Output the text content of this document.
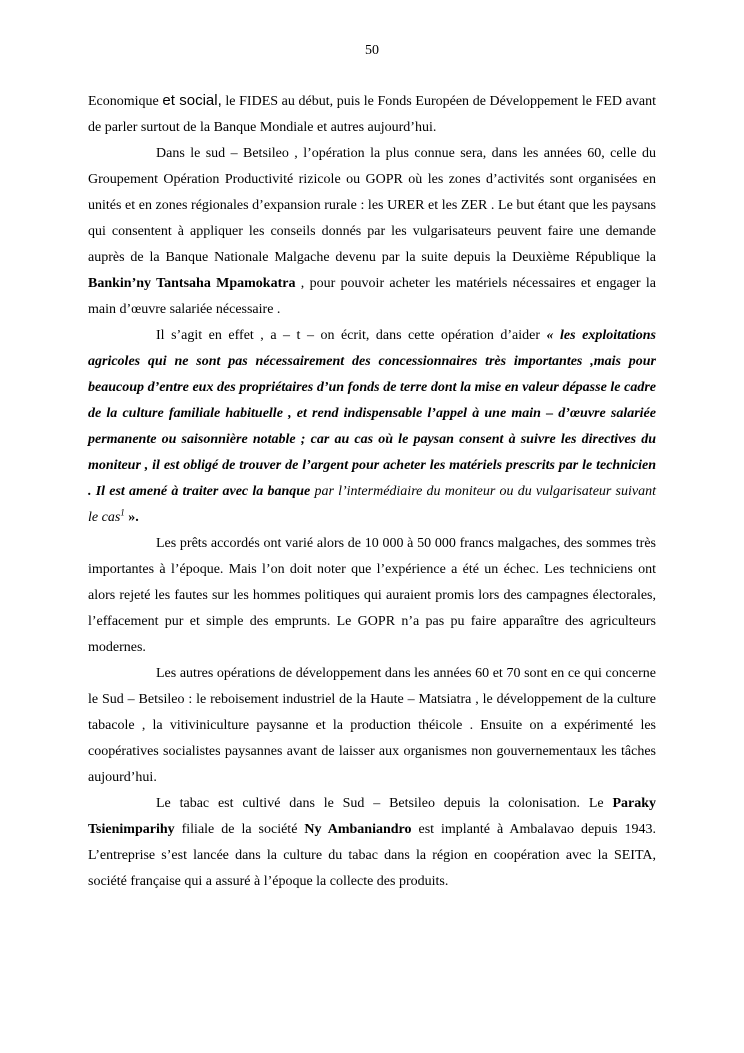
50

Economique et social, le FIDES au début, puis le Fonds Européen de Développement le FED avant de parler surtout de la Banque Mondiale et autres aujourd’hui.

Dans le sud – Betsileo , l’opération la plus connue sera, dans les années 60, celle du Groupement Opération Productivité rizicole ou GOPR où les zones d’activités sont organisées en unités et en zones régionales d’expansion rurale : les URER et les ZER . Le but étant que les paysans qui consentent à appliquer les conseils donnés par les vulgarisateurs peuvent faire une demande auprès de la Banque Nationale Malgache devenu par la suite depuis la Deuxième République la Bankin’ny Tantsaha Mpamokatra , pour pouvoir acheter les matériels nécessaires et engager la main d’œuvre salariée nécessaire .

Il s’agit en effet , a – t – on écrit, dans cette opération d’aider « les exploitations agricoles qui ne sont pas nécessairement des concessionnaires très importantes ,mais pour beaucoup d’entre eux des propriétaires d’un fonds de terre dont la mise en valeur dépasse le cadre de la culture familiale habituelle , et rend indispensable l’appel à une main – d’œuvre salariée permanente ou saisonnière notable ; car au cas où le paysan consent à suivre les directives du moniteur , il est obligé de trouver de l’argent pour acheter les matériels prescrits par le technicien . Il est amené à traiter avec la banque par l’intermédiaire du moniteur ou du vulgarisateur suivant le cas$^1$ ».

Les prêts accordés ont varié alors de 10 000 à 50 000 francs malgaches, des sommes très importantes à l’époque. Mais l’on doit noter que l’expérience a été un échec. Les techniciens ont alors rejeté les fautes sur les hommes politiques qui auraient promis lors des campagnes électorales, l’effacement pur et simple des emprunts. Le GOPR n’a pas pu faire apparaître des agriculteurs modernes.

Les autres opérations de développement dans les années 60 et 70 sont en ce qui concerne le Sud – Betsileo : le reboisement industriel de la Haute – Matsiatra , le développement de la culture tabacole , la vitiviniculture paysanne et la production théicole . Ensuite on a expérimenté les coopératives socialistes paysannes avant de laisser aux organismes non gouvernementaux les tâches aujourd’hui.

Le tabac est cultivé dans le Sud – Betsileo depuis la colonisation. Le Paraky Tsienimparihy filiale de la société Ny Ambaniandro est implanté à Ambalavao depuis 1943. L’entreprise s’est lancée dans la culture du tabac dans la région en coopération avec la SEITA, société française qui a assuré à l’époque la collecte des produits.
